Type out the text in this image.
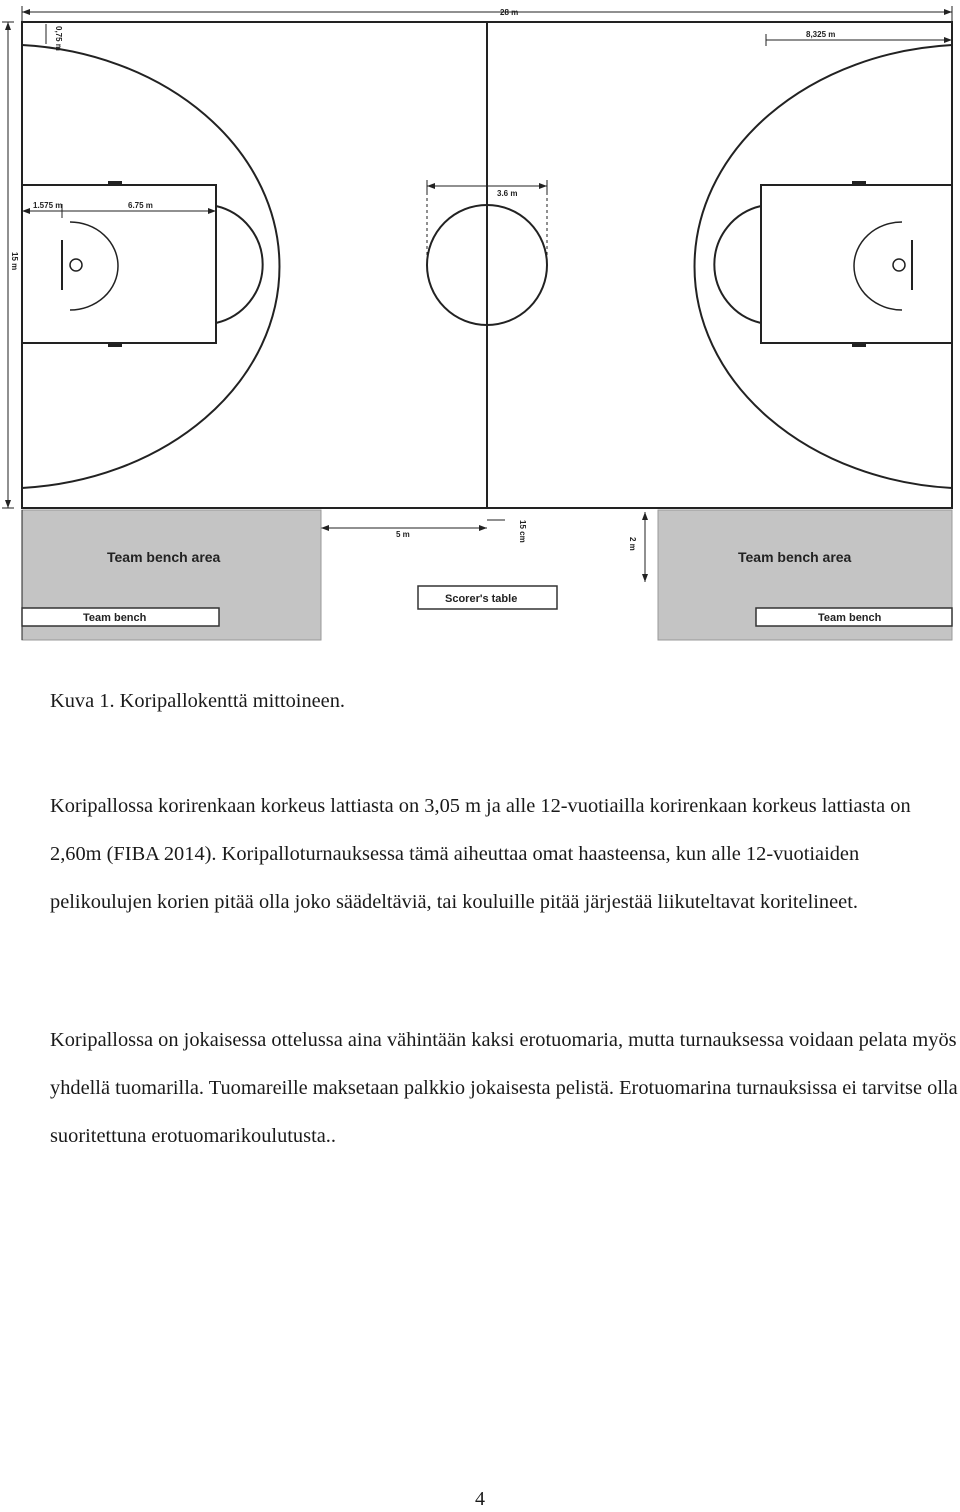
28 m
0,75 m	8,325 m
1.575 m	6.75 m
3.6 m
15 m
5 m	15 cm
2 m
Team bench area	Team bench area
Team bench	Team bench
Scorer's table

Kuva 1. Koripallokenttä mittoineen.

Koripallossa korirenkaan korkeus lattiasta on 3,05 m ja alle 12-vuotiailla korirenkaan korkeus lattiasta on 2,60m (FIBA 2014). Koripalloturnauksessa tämä aiheuttaa omat haasteensa, kun alle 12-vuotiaiden pelikoulujen korien pitää olla joko säädeltäviä, tai kouluille pitää järjestää liikuteltavat koritelineet.

Koripallossa on jokaisessa ottelussa aina vähintään kaksi erotuomaria, mutta turnauksessa voidaan pelata myös yhdellä tuomarilla. Tuomareille maksetaan palkkio jokaisesta pelistä. Erotuomarina turnauksissa ei tarvitse olla suoritettuna erotuomarikoulutusta..

4
